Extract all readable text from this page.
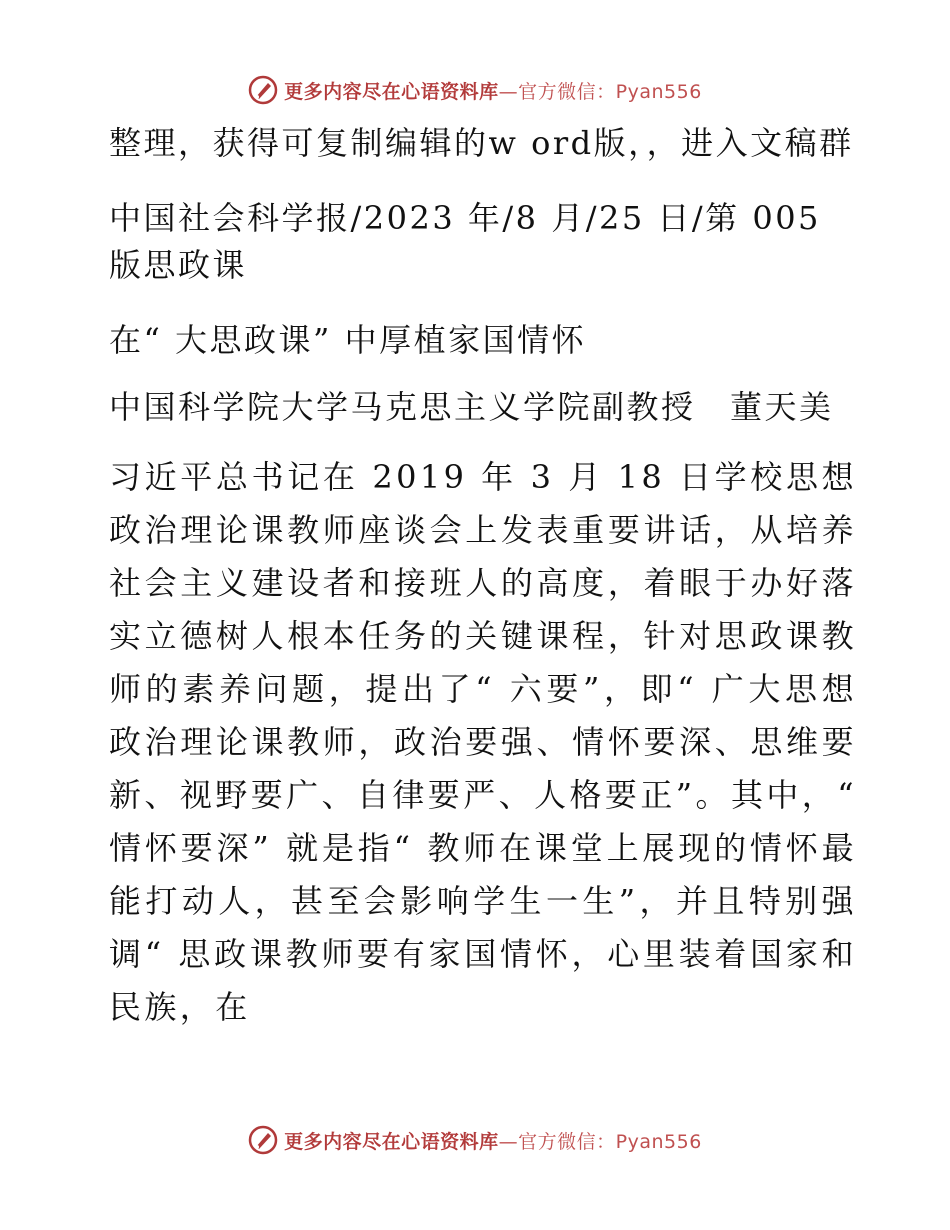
更多内容尽在心语资料库 —官方微信：Pyan556

整理，获得可复制编辑的w ord版，，进入文稿群

中国社会科学报/2023 年/8 月/25 日/第 005 版思政课

在“ 大思政课” 中厚植家国情怀

中国科学院大学马克思主义学院副教授　董天美

习近平总书记在 2019 年 3 月 18 日学校思想政治理论课教师座谈会上发表重要讲话，从培养社会主义建设者和接班人的高度，着眼于办好落实立德树人根本任务的关键课程，针对思政课教师的素养问题，提出了“ 六要”，即“ 广大思想政治理论课教师，政治要强、情怀要深、思维要新、视野要广、自律要严、人格要正”。其中，“ 情怀要深” 就是指“ 教师在课堂上展现的情怀最能打动人，甚至会影响学生一生”，并且特别强调“ 思政课教师要有家国情怀，心里装着国家和民族，在

更多内容尽在心语资料库 —官方微信：Pyan556
